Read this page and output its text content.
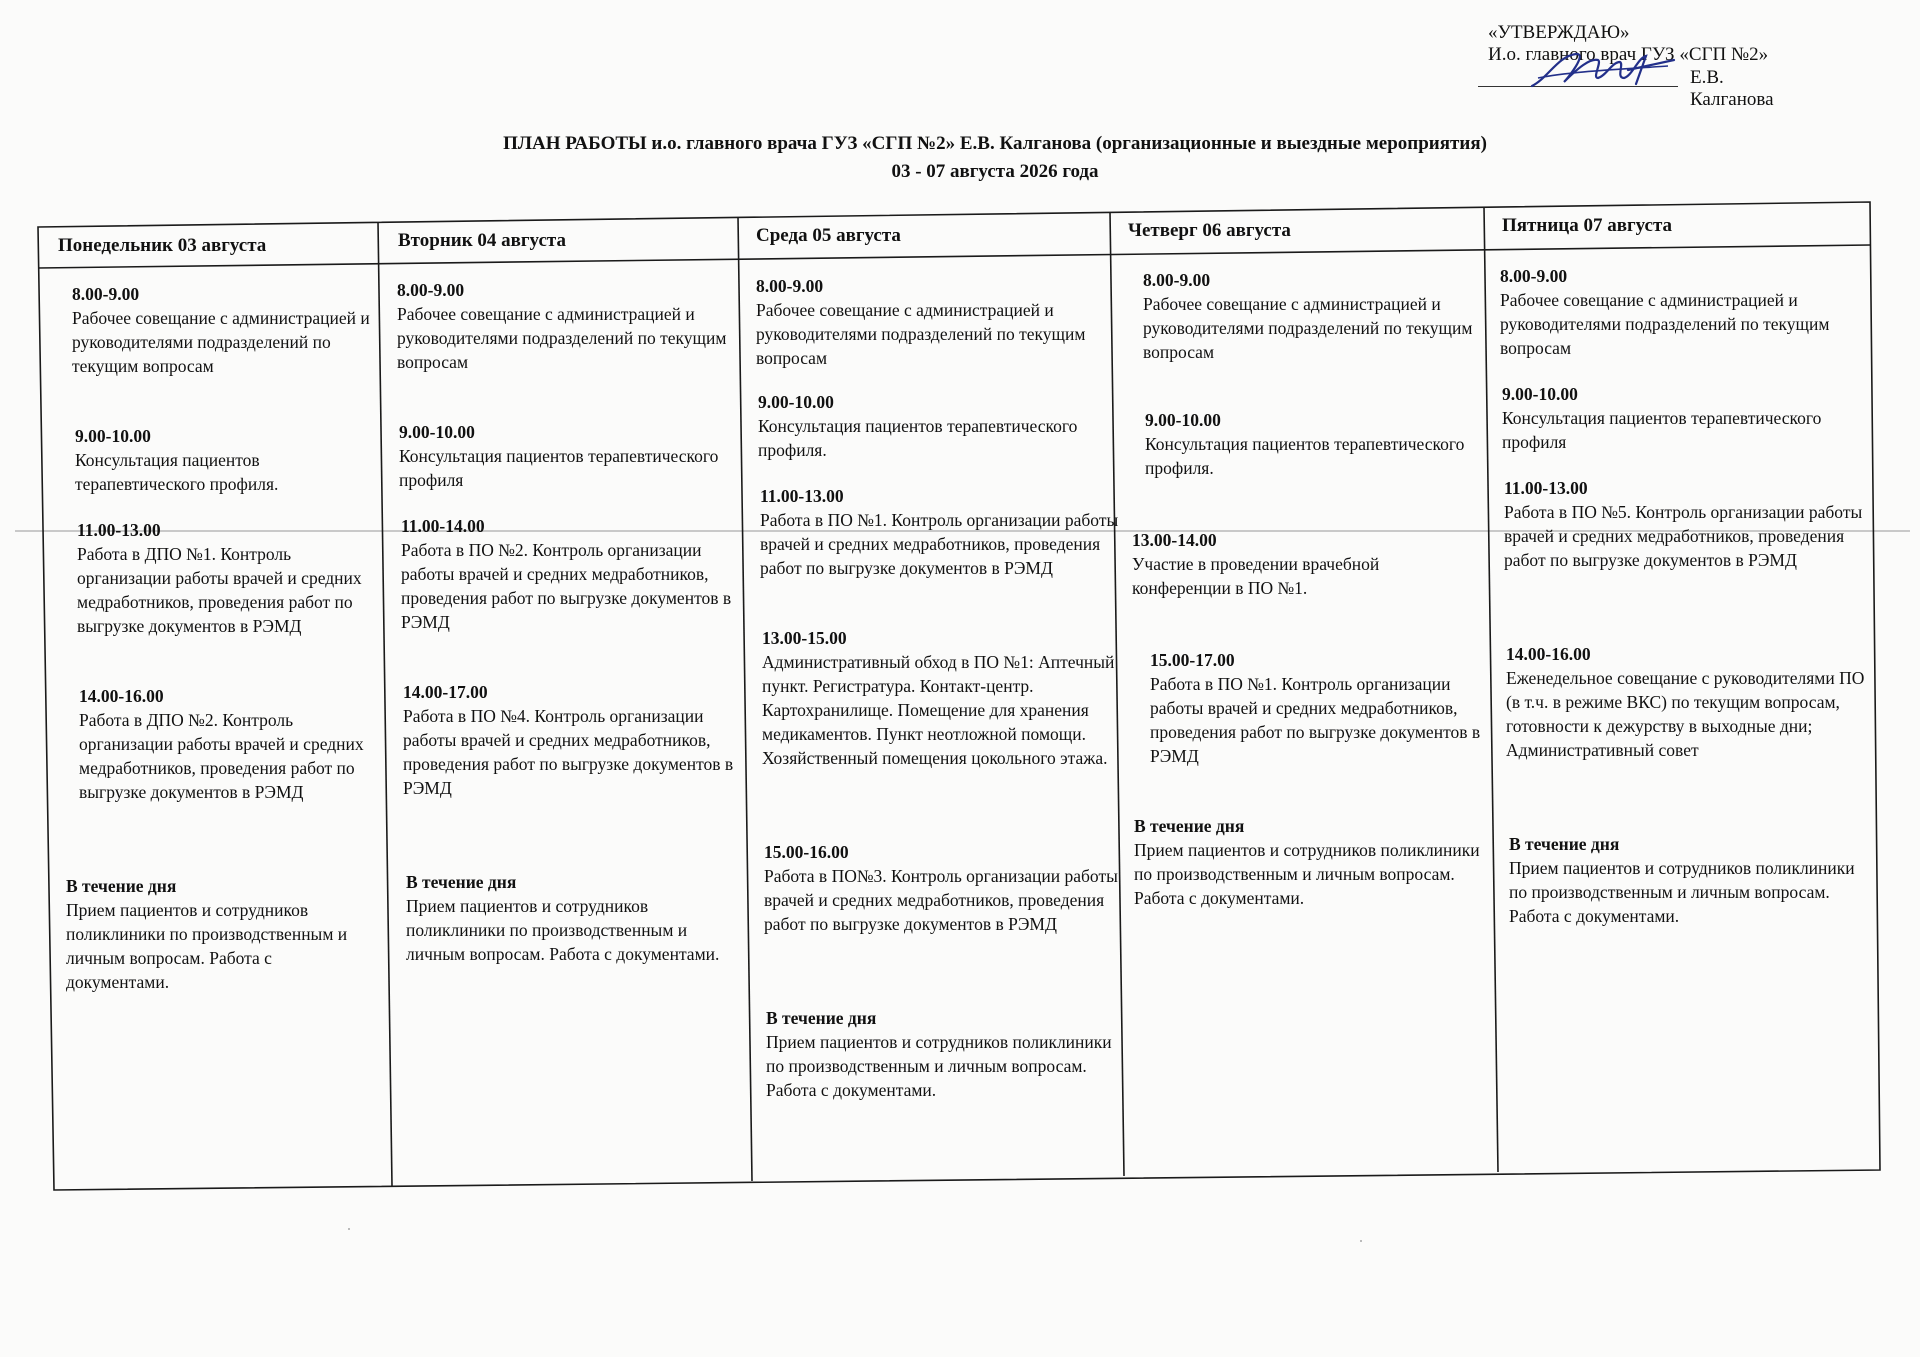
«УТВЕРЖДАЮ»
И.о. главного врач ГУЗ «СГП №2»
Е.В. Калганова
ПЛАН РАБОТЫ и.о. главного врача ГУЗ «СГП №2» Е.В. Калганова (организационные и выездные мероприятия)
03 - 07 августа 2026 года
Понедельник 03 августа
8.00-9.00
Рабочее совещание с администрацией и руководителями подразделений по текущим вопросам
9.00-10.00
Консультация пациентов терапевтического профиля.
11.00-13.00
Работа в ДПО №1. Контроль организации работы врачей и средних медработников, проведения работ по выгрузке документов в РЭМД
14.00-16.00
Работа в ДПО №2. Контроль организации работы врачей и средних медработников, проведения работ по выгрузке документов в РЭМД
В течение дня
Прием пациентов и сотрудников поликлиники по производственным и личным вопросам. Работа с документами.
Вторник 04 августа
8.00-9.00
Рабочее совещание с администрацией и руководителями подразделений по текущим вопросам
9.00-10.00
Консультация пациентов терапевтического профиля
11.00-14.00
Работа в ПО №2. Контроль организации работы врачей и средних медработников, проведения работ по выгрузке документов в РЭМД
14.00-17.00
Работа в ПО №4. Контроль организации работы врачей и средних медработников, проведения работ по выгрузке документов в РЭМД
В течение дня
Прием пациентов и сотрудников поликлиники по производственным и личным вопросам. Работа с документами.
Среда 05 августа
8.00-9.00
Рабочее совещание с администрацией и руководителями подразделений по текущим вопросам
9.00-10.00
Консультация пациентов терапевтического профиля.
11.00-13.00
Работа в ПО №1. Контроль организации работы врачей и средних медработников, проведения работ по выгрузке документов в РЭМД
13.00-15.00
Административный обход в ПО №1: Аптечный пункт. Регистратура. Контакт-центр. Картохранилище. Помещение для хранения медикаментов. Пункт неотложной помощи. Хозяйственный помещения цокольного этажа.
15.00-16.00
Работа в ПО№3. Контроль организации работы врачей и средних медработников, проведения работ по выгрузке документов в РЭМД
В течение дня
Прием пациентов и сотрудников поликлиники по производственным и личным вопросам. Работа с документами.
Четверг 06 августа
8.00-9.00
Рабочее совещание с администрацией и руководителями подразделений по текущим вопросам
9.00-10.00
Консультация пациентов терапевтического профиля.
13.00-14.00
Участие в проведении врачебной конференции в ПО №1.
15.00-17.00
Работа в ПО №1. Контроль организации работы врачей и средних медработников, проведения работ по выгрузке документов в РЭМД
В течение дня
Прием пациентов и сотрудников поликлиники по производственным и личным вопросам. Работа с документами.
Пятница 07 августа
8.00-9.00
Рабочее совещание с администрацией и руководителями подразделений по текущим вопросам
9.00-10.00
Консультация пациентов терапевтического профиля
11.00-13.00
Работа в ПО №5. Контроль организации работы врачей и средних медработников, проведения работ по выгрузке документов в РЭМД
14.00-16.00
Еженедельное совещание с руководителями ПО (в т.ч. в режиме ВКС) по текущим вопросам, готовности к дежурству в выходные дни; Административный совет
В течение дня
Прием пациентов и сотрудников поликлиники по производственным и личным вопросам. Работа с документами.
